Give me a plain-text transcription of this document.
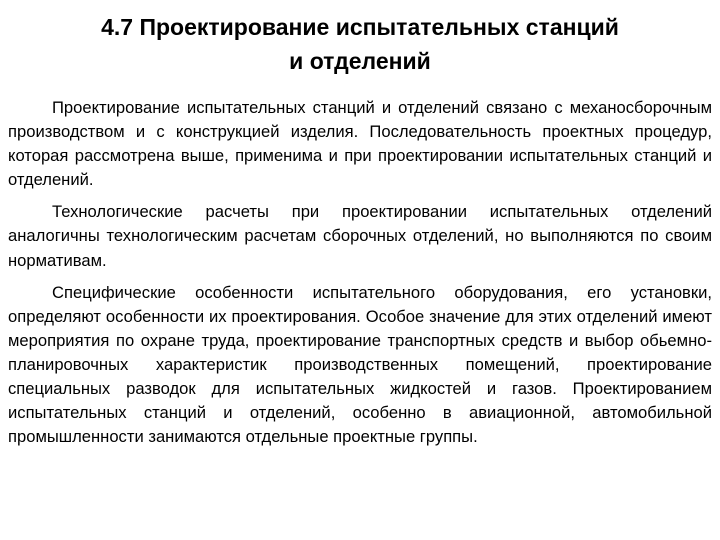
4.7 Проектирование испытательных станций
и отделений

Проектирование испытательных станций и отделений связано с механосборочным производством и с конструкцией изделия. Последовательность проектных процедур, которая рассмотрена выше, применима и при проектировании испытательных станций и отделений.

Технологические расчеты при проектировании испытательных отделений аналогичны технологическим расчетам сборочных отделений, но выполняются по своим нормативам.

Специфические особенности испытательного оборудования, его установки, определяют особенности их проектирования. Особое значение для этих отделений имеют мероприятия по охране труда, проектирование транспортных средств и выбор обьемно-планировочных характеристик производственных помещений, проектирование специальных разводок для испытательных жидкостей и газов. Проектированием испытательных станций и отделений, особенно в авиационной, автомобильной промышленности занимаются отдельные проектные группы.
